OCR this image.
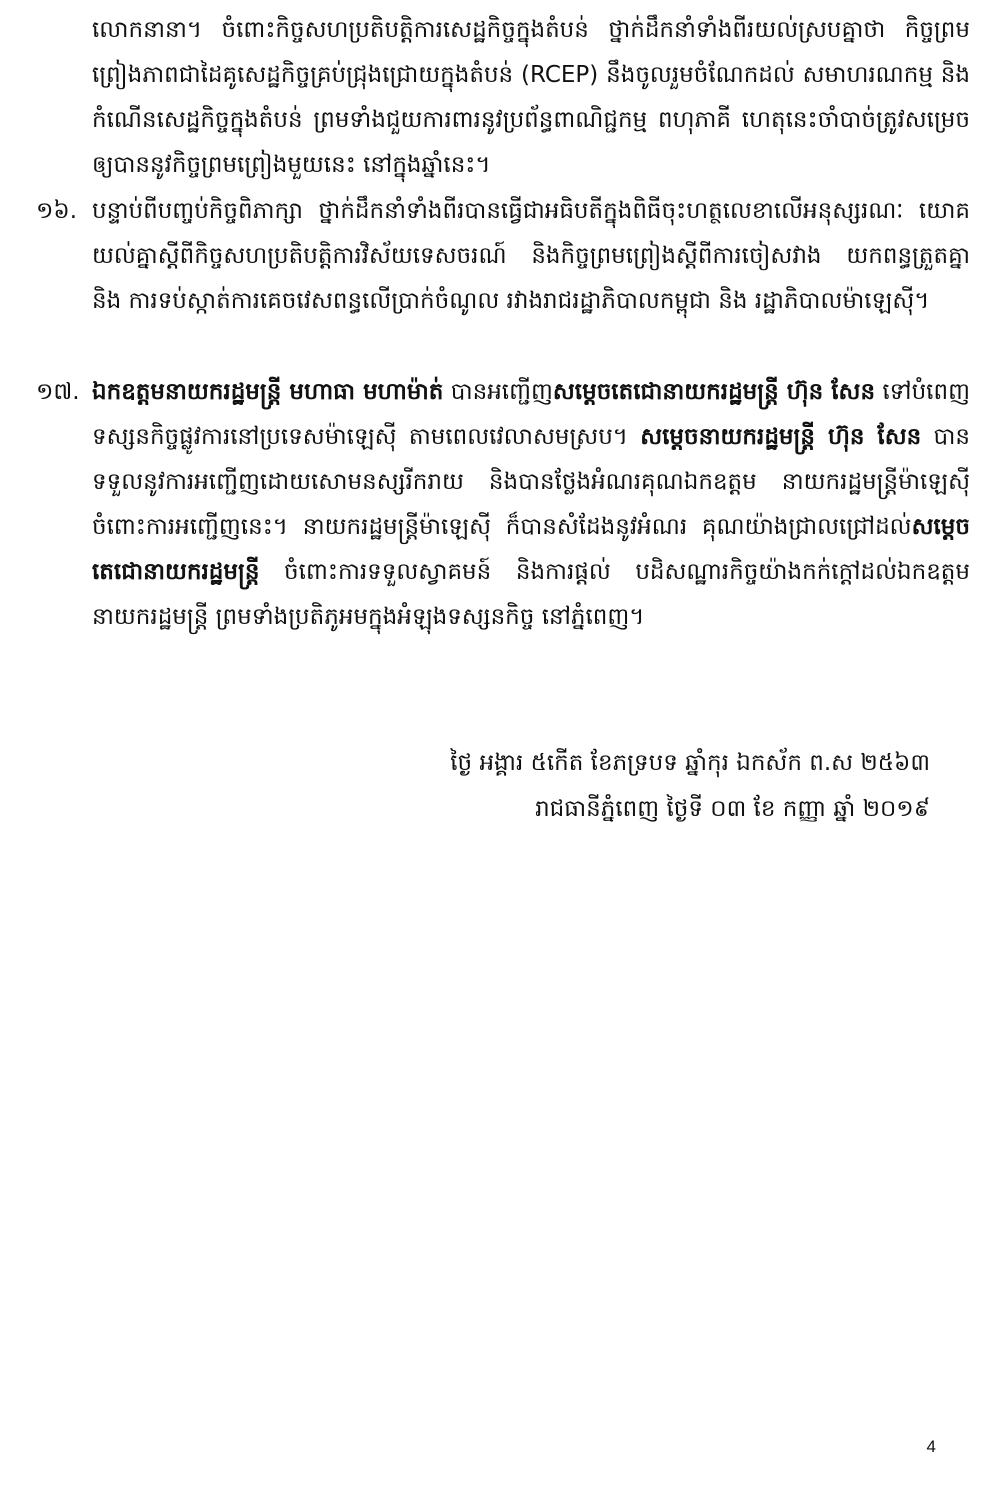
លោកនានា។ ចំពោះកិច្ចសហប្រតិបត្តិការសេដ្ឋកិច្ចក្នុងតំបន់ ថ្នាក់ដឹកនាំទាំងពីរយល់ស្របគ្នាថា កិច្ចព្រមព្រៀងភាពជាដៃគូសេដ្ឋកិច្ចគ្រប់ជ្រុងជ្រោយក្នុងតំបន់ (RCEP) នឹងចូលរួមចំណែកដល់ សមាហរណកម្ម និងកំណើនសេដ្ឋកិច្ចក្នុងតំបន់ ព្រមទាំងជួយការពារនូវប្រព័ន្ធពាណិជ្ជកម្ម ពហុភាគី ហេតុនេះចាំបាច់ត្រូវសម្រេចឲ្យបាននូវកិច្ចព្រមព្រៀងមួយនេះ នៅក្នុងឆ្នាំនេះ។
១៦. បន្ទាប់ពីបញ្ចប់កិច្ចពិភាក្សា ថ្នាក់ដឹកនាំទាំងពីរបានធ្វើជាអធិបតីក្នុងពិធីចុះហត្ថលេខាលើអនុស្សរណៈ យោគយល់គ្នាស្តីពីកិច្ចសហប្រតិបត្តិការវិស័យទេសចរណ៍ និងកិច្ចព្រមព្រៀងស្តីពីការចៀសវាង យកពន្ធត្រួតគ្នា និង ការទប់ស្កាត់ការគេចវេសពន្ធលើប្រាក់ចំណូល រវាងរាជរដ្ឋាភិបាលកម្ពុជា និង រដ្ឋាភិបាលម៉ាឡេស៊ី។
១៧. ឯកឧត្តមនាយករដ្ឋមន្ត្រី មហាធា មហាម៉ាត់ បានអញ្ជើញសម្តេចតេជោនាយករដ្ឋមន្ត្រី ហ៊ុន សែន ទៅបំពេញទស្សនកិច្ចផ្លូវការនៅប្រទេសម៉ាឡេស៊ី តាមពេលវេលាសមស្រប។ សម្តេចនាយករដ្ឋមន្ត្រី ហ៊ុន សែន បានទទួលនូវការអញ្ជើញដោយសោមនស្សរីករាយ និងបានថ្លែងអំណរគុណឯកឧត្តម នាយករដ្ឋមន្ត្រីម៉ាឡេស៊ីចំពោះការអញ្ជើញនេះ។ នាយករដ្ឋមន្ត្រីម៉ាឡេស៊ី ក៏បានសំដែងនូវអំណរ គុណយ៉ាងជ្រាលជ្រៅដល់សម្តេចតេជោនាយករដ្ឋមន្ត្រី ចំពោះការទទួលស្វាគមន៍ និងការផ្តល់ បដិសណ្ឋារកិច្ចយ៉ាងកក់ក្តៅដល់ឯកឧត្តមនាយករដ្ឋមន្ត្រី ព្រមទាំងប្រតិភូអមក្នុងអំឡុងទស្សនកិច្ច នៅភ្នំពេញ។
ថ្ងៃ អង្គារ ៥កើត ខែភទ្របទ ឆ្នាំកុរ ឯកស័ក ព.ស ២៥៦៣
រាជធានីភ្នំពេញ ថ្ងៃទី ០៣ ខែ កញ្ញា ឆ្នាំ ២០១៩
4
